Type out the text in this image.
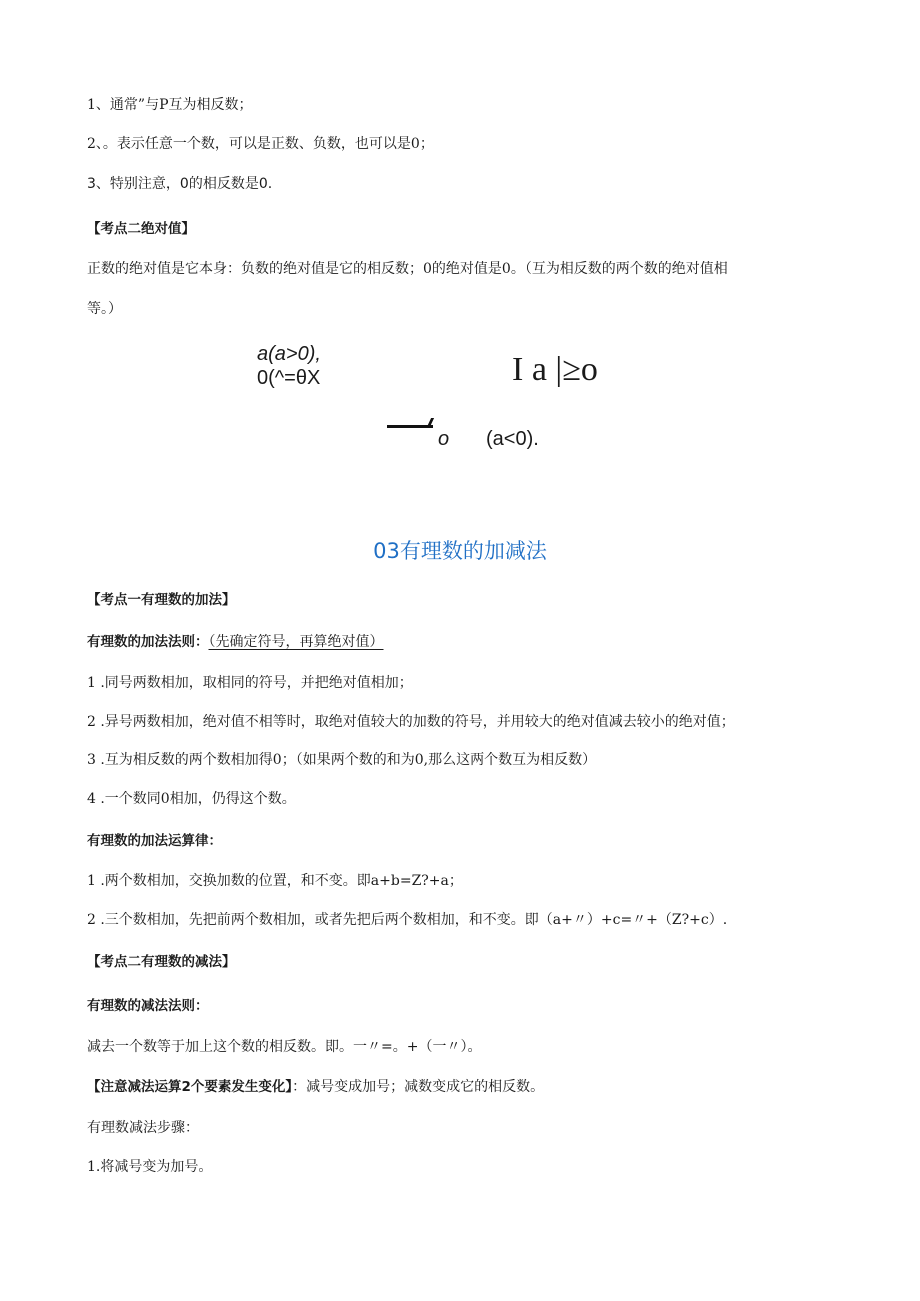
1、通常”与P互为相反数；
2、。表示任意一个数，可以是正数、负数，也可以是0；
3、特别注意，0的相反数是0.
【考点二绝对值】
正数的绝对值是它本身：负数的绝对值是它的相反数；0的绝对值是0。（互为相反数的两个数的绝对值相
等。）
a(a>0),
0(^=θX	I a |≥o
o (a<0).
03有理数的加减法
【考点一有理数的加法】
有理数的加法法则：（先确定符号，再算绝对值）
1 .同号两数相加，取相同的符号，并把绝对值相加；
2 .异号两数相加，绝对值不相等时，取绝对值较大的加数的符号，并用较大的绝对值减去较小的绝对值；
3 .互为相反数的两个数相加得0；（如果两个数的和为0,那么这两个数互为相反数）
4 .一个数同0相加，仍得这个数。
有理数的加法运算律：
1 .两个数相加，交换加数的位置，和不变。即a+b=Z?+a；
2 .三个数相加，先把前两个数相加，或者先把后两个数相加，和不变。即（a+〃）+c=〃+（Z?+c）.
【考点二有理数的减法】
有理数的减法法则：
减去一个数等于加上这个数的相反数。即。一〃=。+（一〃）。
【注意减法运算2个要素发生变化】：减号变成加号；减数变成它的相反数。
有理数减法步骤：
1.将减号变为加号。
